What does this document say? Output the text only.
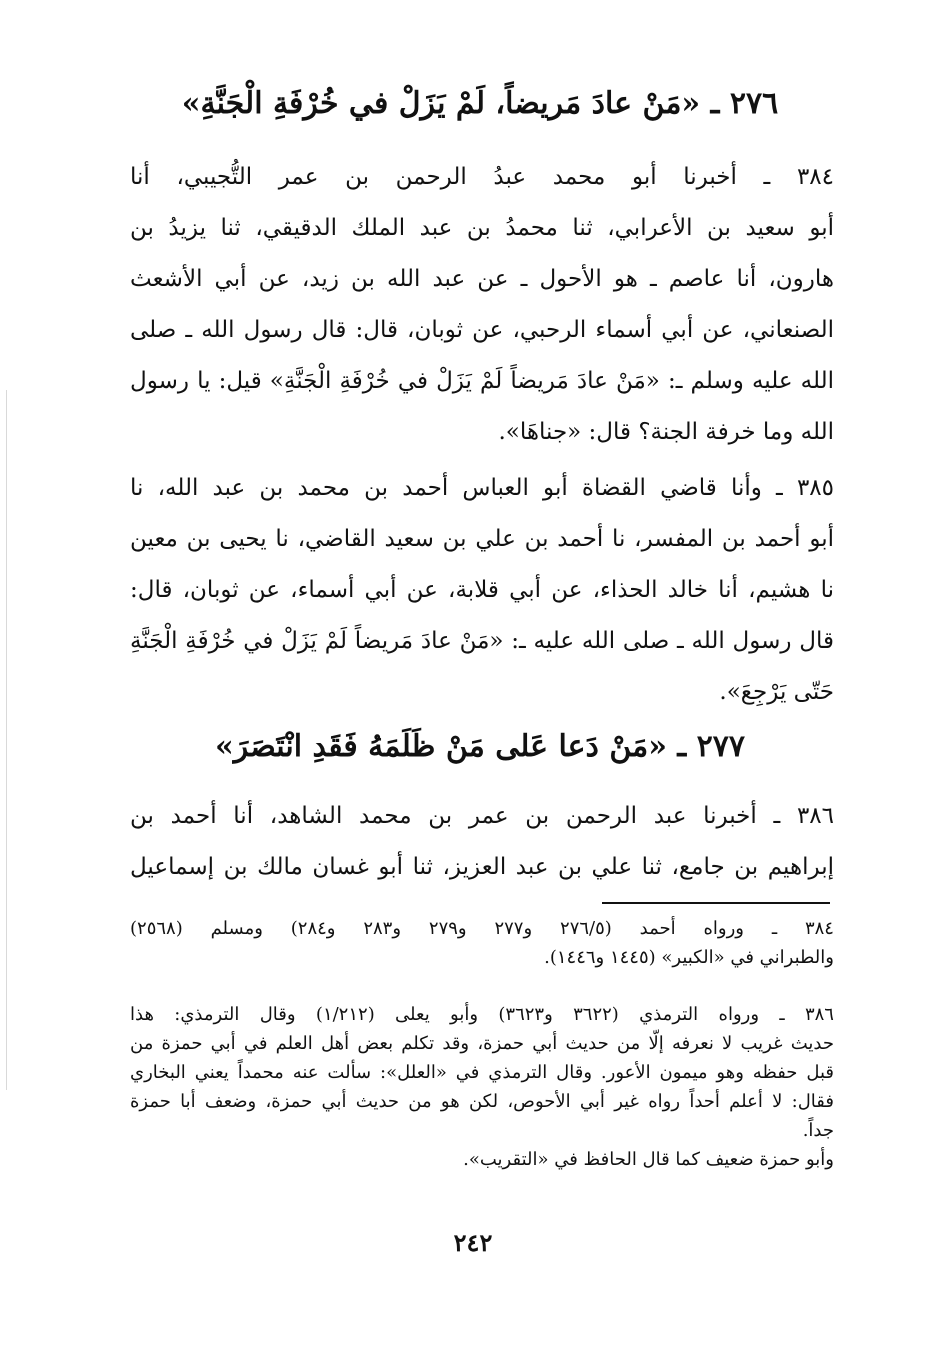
٢٧٦ ـ «مَنْ عادَ مَريضاً، لَمْ يَزَلْ في خُرْفَةِ الْجَنَّةِ»
٣٨٤ ـ أخبرنا أبو محمد عبدُ الرحمن بن عمر التُّجيبي، أنا
أبو سعيد بن الأعرابي، ثنا محمدُ بن عبد الملك الدقيقي، ثنا يزيدُ بن
هارون، أنا عاصم ـ هو الأحول ـ عن عبد الله بن زيد، عن أبي الأشعث
الصنعاني، عن أبي أسماء الرحبي، عن ثوبان، قال: قال رسول الله ـ صلى
الله عليه وسلم ـ: «مَنْ عادَ مَريضاً لَمْ يَزَلْ في خُرْفَةِ الْجَنَّةِ» قيل: يا رسول
الله وما خرفة الجنة؟ قال: «جناهَا».
٣٨٥ ـ وأنا قاضي القضاة أبو العباس أحمد بن محمد بن عبد الله، نا
أبو أحمد بن المفسر، نا أحمد بن علي بن سعيد القاضي، نا يحيى بن معين
نا هشيم، أنا خالد الحذاء، عن أبي قلابة، عن أبي أسماء، عن ثوبان، قال:
قال رسول الله ـ صلى الله عليه ـ: «مَنْ عادَ مَريضاً لَمْ يَزَلْ في خُرْفَةِ الْجَنَّةِ
حَتّى يَرْجِعَ».
٢٧٧ ـ «مَنْ دَعا عَلى مَنْ ظَلَمَهُ فَقَدِ انْتَصَرَ»
٣٨٦ ـ أخبرنا عبد الرحمن بن عمر بن محمد الشاهد، أنا أحمد بن
إبراهيم بن جامع، ثنا علي بن عبد العزيز، ثنا أبو غسان مالك بن إسماعيل
٣٨٤ ـ ورواه أحمد (٢٧٦/٥ و٢٧٧ و٢٧٩ و٢٨٣ و٢٨٤) ومسلم (٢٥٦٨)
والطبراني في «الكبير» (١٤٤٥ و١٤٤٦).
٣٨٦ ـ ورواه الترمذي (٣٦٢٢ و٣٦٢٣) وأبو يعلى (١/٢١٢) وقال الترمذي: هذا
حديث غريب لا نعرفه إلّا من حديث أبي حمزة، وقد تكلم بعض أهل العلم في أبي حمزة من
قبل حفظه وهو ميمون الأعور. وقال الترمذي في «العلل»: سألت عنه محمداً يعني البخاري
فقال: لا أعلم أحداً رواه غير أبي الأحوص، لكن هو من حديث أبي حمزة، وضعف أبا حمزة
جداً.
وأبو حمزة ضعيف كما قال الحافظ في «التقريب».
٢٤٢
